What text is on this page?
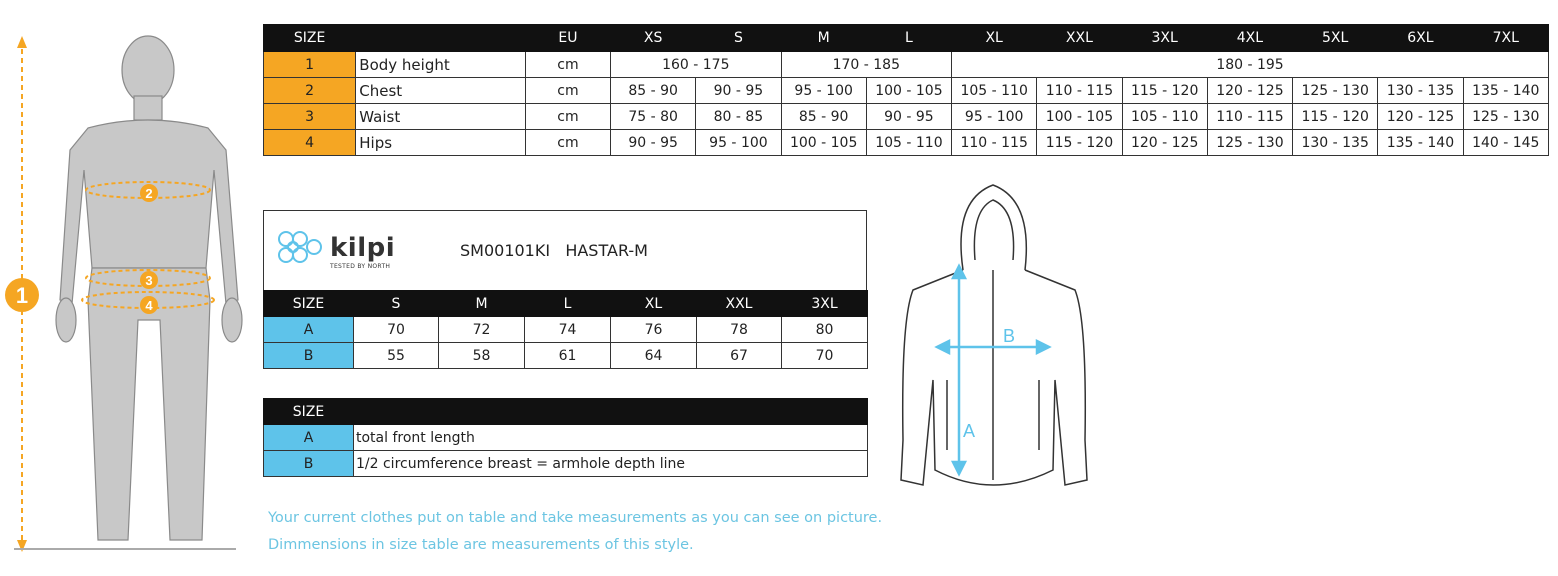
2
3
4
1
SIZE		EU	XS	S	M	L	XL	XXL	3XL	4XL	5XL	6XL	7XL
1	Body height	cm	160 - 175		170 - 185		180 - 195						
2	Chest	cm	85 - 90	90 - 95	95 - 100	100 - 105	105 - 110	110 - 115	115 - 120	120 - 125	125 - 130	130 - 135	135 - 140
3	Waist	cm	75 - 80	80 - 85	85 - 90	90 - 95	95 - 100	100 - 105	105 - 110	110 - 115	115 - 120	120 - 125	125 - 130
4	Hips	cm	90 - 95	95 - 100	100 - 105	105 - 110	110 - 115	115 - 120	120 - 125	125 - 130	130 - 135	135 - 140	140 - 145
kilpi
TESTED BY NORTH
SM00101KI   HASTAR-M
SIZE	S	M	L	XL	XXL	3XL
A	70	72	74	76	78	80
B	55	58	61	64	67	70
SIZE	
A	total front length
B	1/2 circumference breast = armhole depth line
A
B
Your current clothes put on table and take measurements as you can see on picture.
Dimmensions in size table are measurements of this style.
